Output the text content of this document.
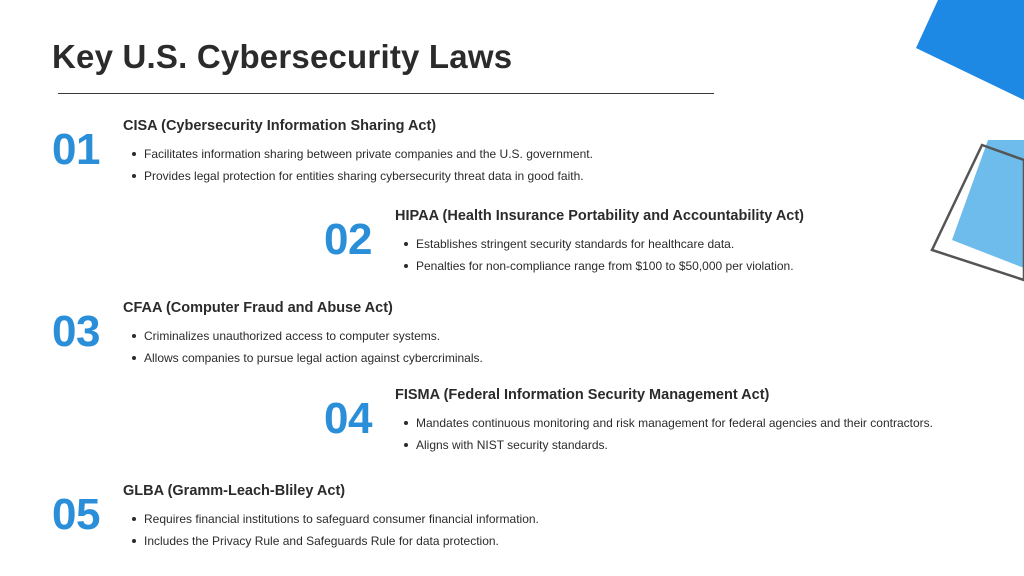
Key U.S. Cybersecurity Laws
01 CISA (Cybersecurity Information Sharing Act)
Facilitates information sharing between private companies and the U.S. government.
Provides legal protection for entities sharing cybersecurity threat data in good faith.
02 HIPAA (Health Insurance Portability and Accountability Act)
Establishes stringent security standards for healthcare data.
Penalties for non-compliance range from $100 to $50,000 per violation.
03 CFAA (Computer Fraud and Abuse Act)
Criminalizes unauthorized access to computer systems.
Allows companies to pursue legal action against cybercriminals.
04 FISMA (Federal Information Security Management Act)
Mandates continuous monitoring and risk management for federal agencies and their contractors.
Aligns with NIST security standards.
05 GLBA (Gramm-Leach-Bliley Act)
Requires financial institutions to safeguard consumer financial information.
Includes the Privacy Rule and Safeguards Rule for data protection.
